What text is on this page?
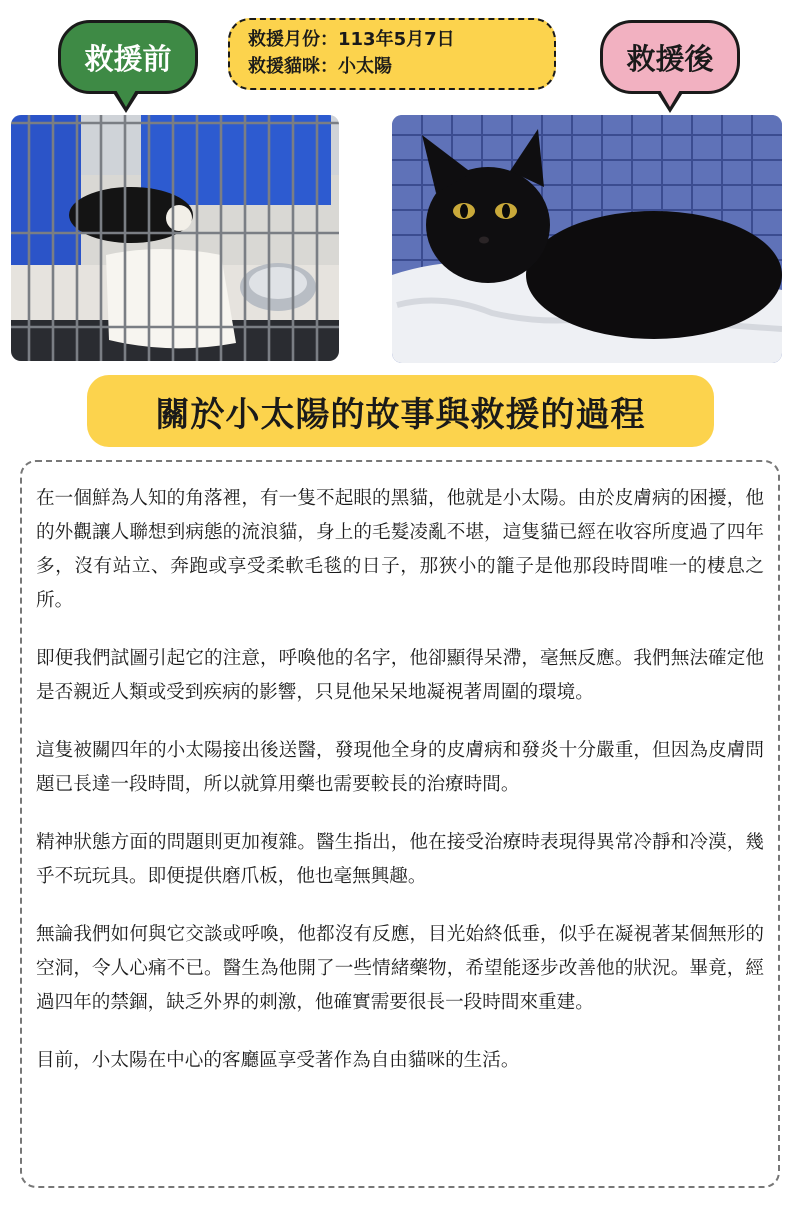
救援前	救援後
救援月份：113年5月7日
救援貓咪：小太陽
關於小太陽的故事與救援的過程

在一個鮮為人知的角落裡，有一隻不起眼的黑貓，他就是小太陽。由於皮膚病的困擾，他的外觀讓人聯想到病態的流浪貓，身上的毛髮凌亂不堪，這隻貓已經在收容所度過了四年多，沒有站立、奔跑或享受柔軟毛毯的日子，那狹小的籠子是他那段時間唯一的棲息之所。

即便我們試圖引起它的注意，呼喚他的名字，他卻顯得呆滯，毫無反應。我們無法確定他是否親近人類或受到疾病的影響，只見他呆呆地凝視著周圍的環境。

這隻被關四年的小太陽接出後送醫，發現他全身的皮膚病和發炎十分嚴重，但因為皮膚問題已長達一段時間，所以就算用藥也需要較長的治療時間。

精神狀態方面的問題則更加複雜。醫生指出，他在接受治療時表現得異常冷靜和冷漠，幾乎不玩玩具。即便提供磨爪板，他也毫無興趣。

無論我們如何與它交談或呼喚，他都沒有反應，目光始終低垂，似乎在凝視著某個無形的空洞，令人心痛不已。醫生為他開了一些情緒藥物，希望能逐步改善他的狀況。畢竟，經過四年的禁錮，缺乏外界的刺激，他確實需要很長一段時間來重建。

目前，小太陽在中心的客廳區享受著作為自由貓咪的生活。
